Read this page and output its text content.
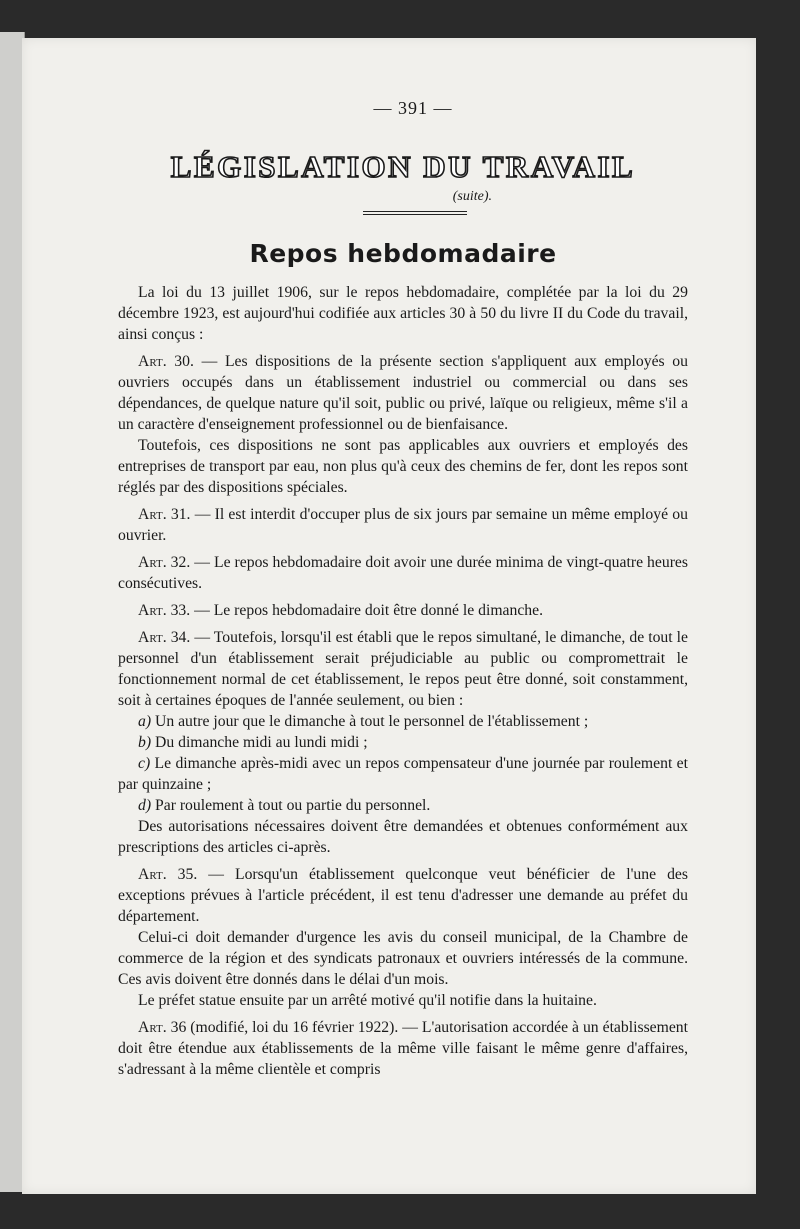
— 391 —
LÉGISLATION DU TRAVAIL
(suite).
Repos hebdomadaire

La loi du 13 juillet 1906, sur le repos hebdomadaire, complétée par la loi du 29 décembre 1923, est aujourd'hui codifiée aux articles 30 à 50 du livre II du Code du travail, ainsi conçus :

Art. 30. — Les dispositions de la présente section s'appliquent aux employés ou ouvriers occupés dans un établissement industriel ou commercial ou dans ses dépendances, de quelque nature qu'il soit, public ou privé, laïque ou religieux, même s'il a un caractère d'enseignement professionnel ou de bienfaisance.

Toutefois, ces dispositions ne sont pas applicables aux ouvriers et employés des entreprises de transport par eau, non plus qu'à ceux des chemins de fer, dont les repos sont réglés par des dispositions spéciales.

Art. 31. — Il est interdit d'occuper plus de six jours par semaine un même employé ou ouvrier.

Art. 32. — Le repos hebdomadaire doit avoir une durée minima de vingt-quatre heures consécutives.

Art. 33. — Le repos hebdomadaire doit être donné le dimanche.

Art. 34. — Toutefois, lorsqu'il est établi que le repos simultané, le dimanche, de tout le personnel d'un établissement serait préjudiciable au public ou compromettrait le fonctionnement normal de cet établissement, le repos peut être donné, soit constamment, soit à certaines époques de l'année seulement, ou bien :

a) Un autre jour que le dimanche à tout le personnel de l'établissement ;
b) Du dimanche midi au lundi midi ;
c) Le dimanche après-midi avec un repos compensateur d'une journée par roulement et par quinzaine ;
d) Par roulement à tout ou partie du personnel.

Des autorisations nécessaires doivent être demandées et obtenues conformément aux prescriptions des articles ci-après.

Art. 35. — Lorsqu'un établissement quelconque veut bénéficier de l'une des exceptions prévues à l'article précédent, il est tenu d'adresser une demande au préfet du département.

Celui-ci doit demander d'urgence les avis du conseil municipal, de la Chambre de commerce de la région et des syndicats patronaux et ouvriers intéressés de la commune. Ces avis doivent être donnés dans le délai d'un mois.

Le préfet statue ensuite par un arrêté motivé qu'il notifie dans la huitaine.

Art. 36 (modifié, loi du 16 février 1922). — L'autorisation accordée à un établissement doit être étendue aux établissements de la même ville faisant le même genre d'affaires, s'adressant à la même clientèle et compris
